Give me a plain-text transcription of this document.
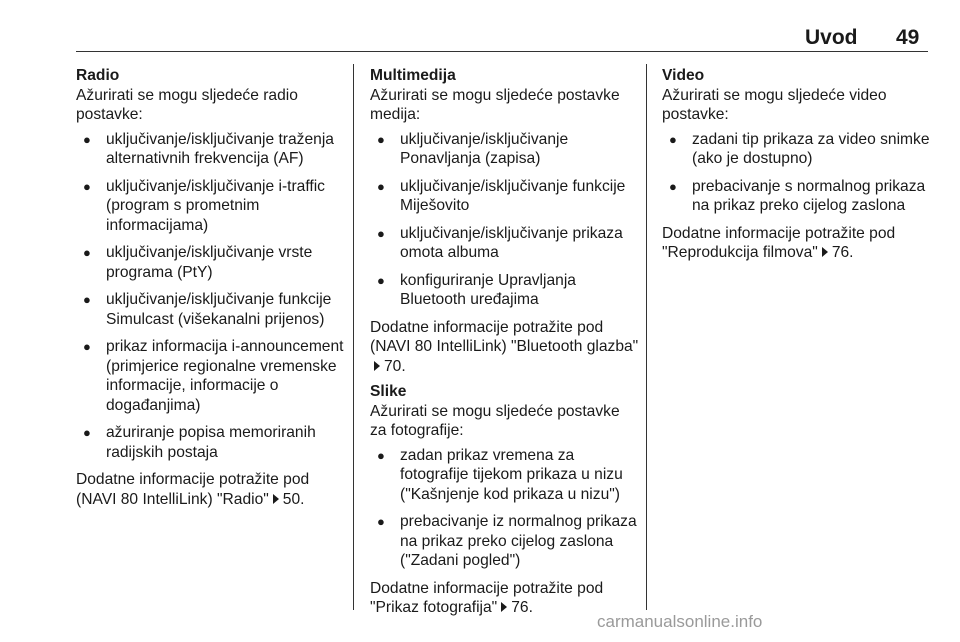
Uvod 49
Radio

Ažurirati se mogu sljedeće radio postavke:

● uključivanje/isključivanje traženja alternativnih frekvencija (AF)
● uključivanje/isključivanje i-traffic (program s prometnim informacijama)
● uključivanje/isključivanje vrste programa (PtY)
● uključivanje/isključivanje funkcije Simulcast (višekanalni prijenos)
● prikaz informacija i-announcement (primjerice regionalne vremenske informacije, informacije o događanjima)
● ažuriranje popisa memoriranih radijskih postaja

Dodatne informacije potražite pod (NAVI 80 IntelliLink) "Radio" 50.

Multimedija

Ažurirati se mogu sljedeće postavke medija:

● uključivanje/isključivanje Ponavljanja (zapisa)
● uključivanje/isključivanje funkcije Miješovito
● uključivanje/isključivanje prikaza omota albuma
● konfiguriranje Upravljanja Bluetooth uređajima

Dodatne informacije potražite pod (NAVI 80 IntelliLink) "Bluetooth glazba"70.

Slike

Ažurirati se mogu sljedeće postavke za fotografije:

● zadan prikaz vremena za fotografije tijekom prikaza u nizu ("Kašnjenje kod prikaza u nizu")
● prebacivanje iz normalnog prikaza na prikaz preko cijelog zaslona ("Zadani pogled")

Dodatne informacije potražite pod "Prikaz fotografija" 76.

Video

Ažurirati se mogu sljedeće video postavke:

● zadani tip prikaza za video snimke (ako je dostupno)
● prebacivanje s normalnog prikaza na prikaz preko cijelog zaslona

Dodatne informacije potražite pod "Reprodukcija filmova" 76.

carmanualsonline.info
